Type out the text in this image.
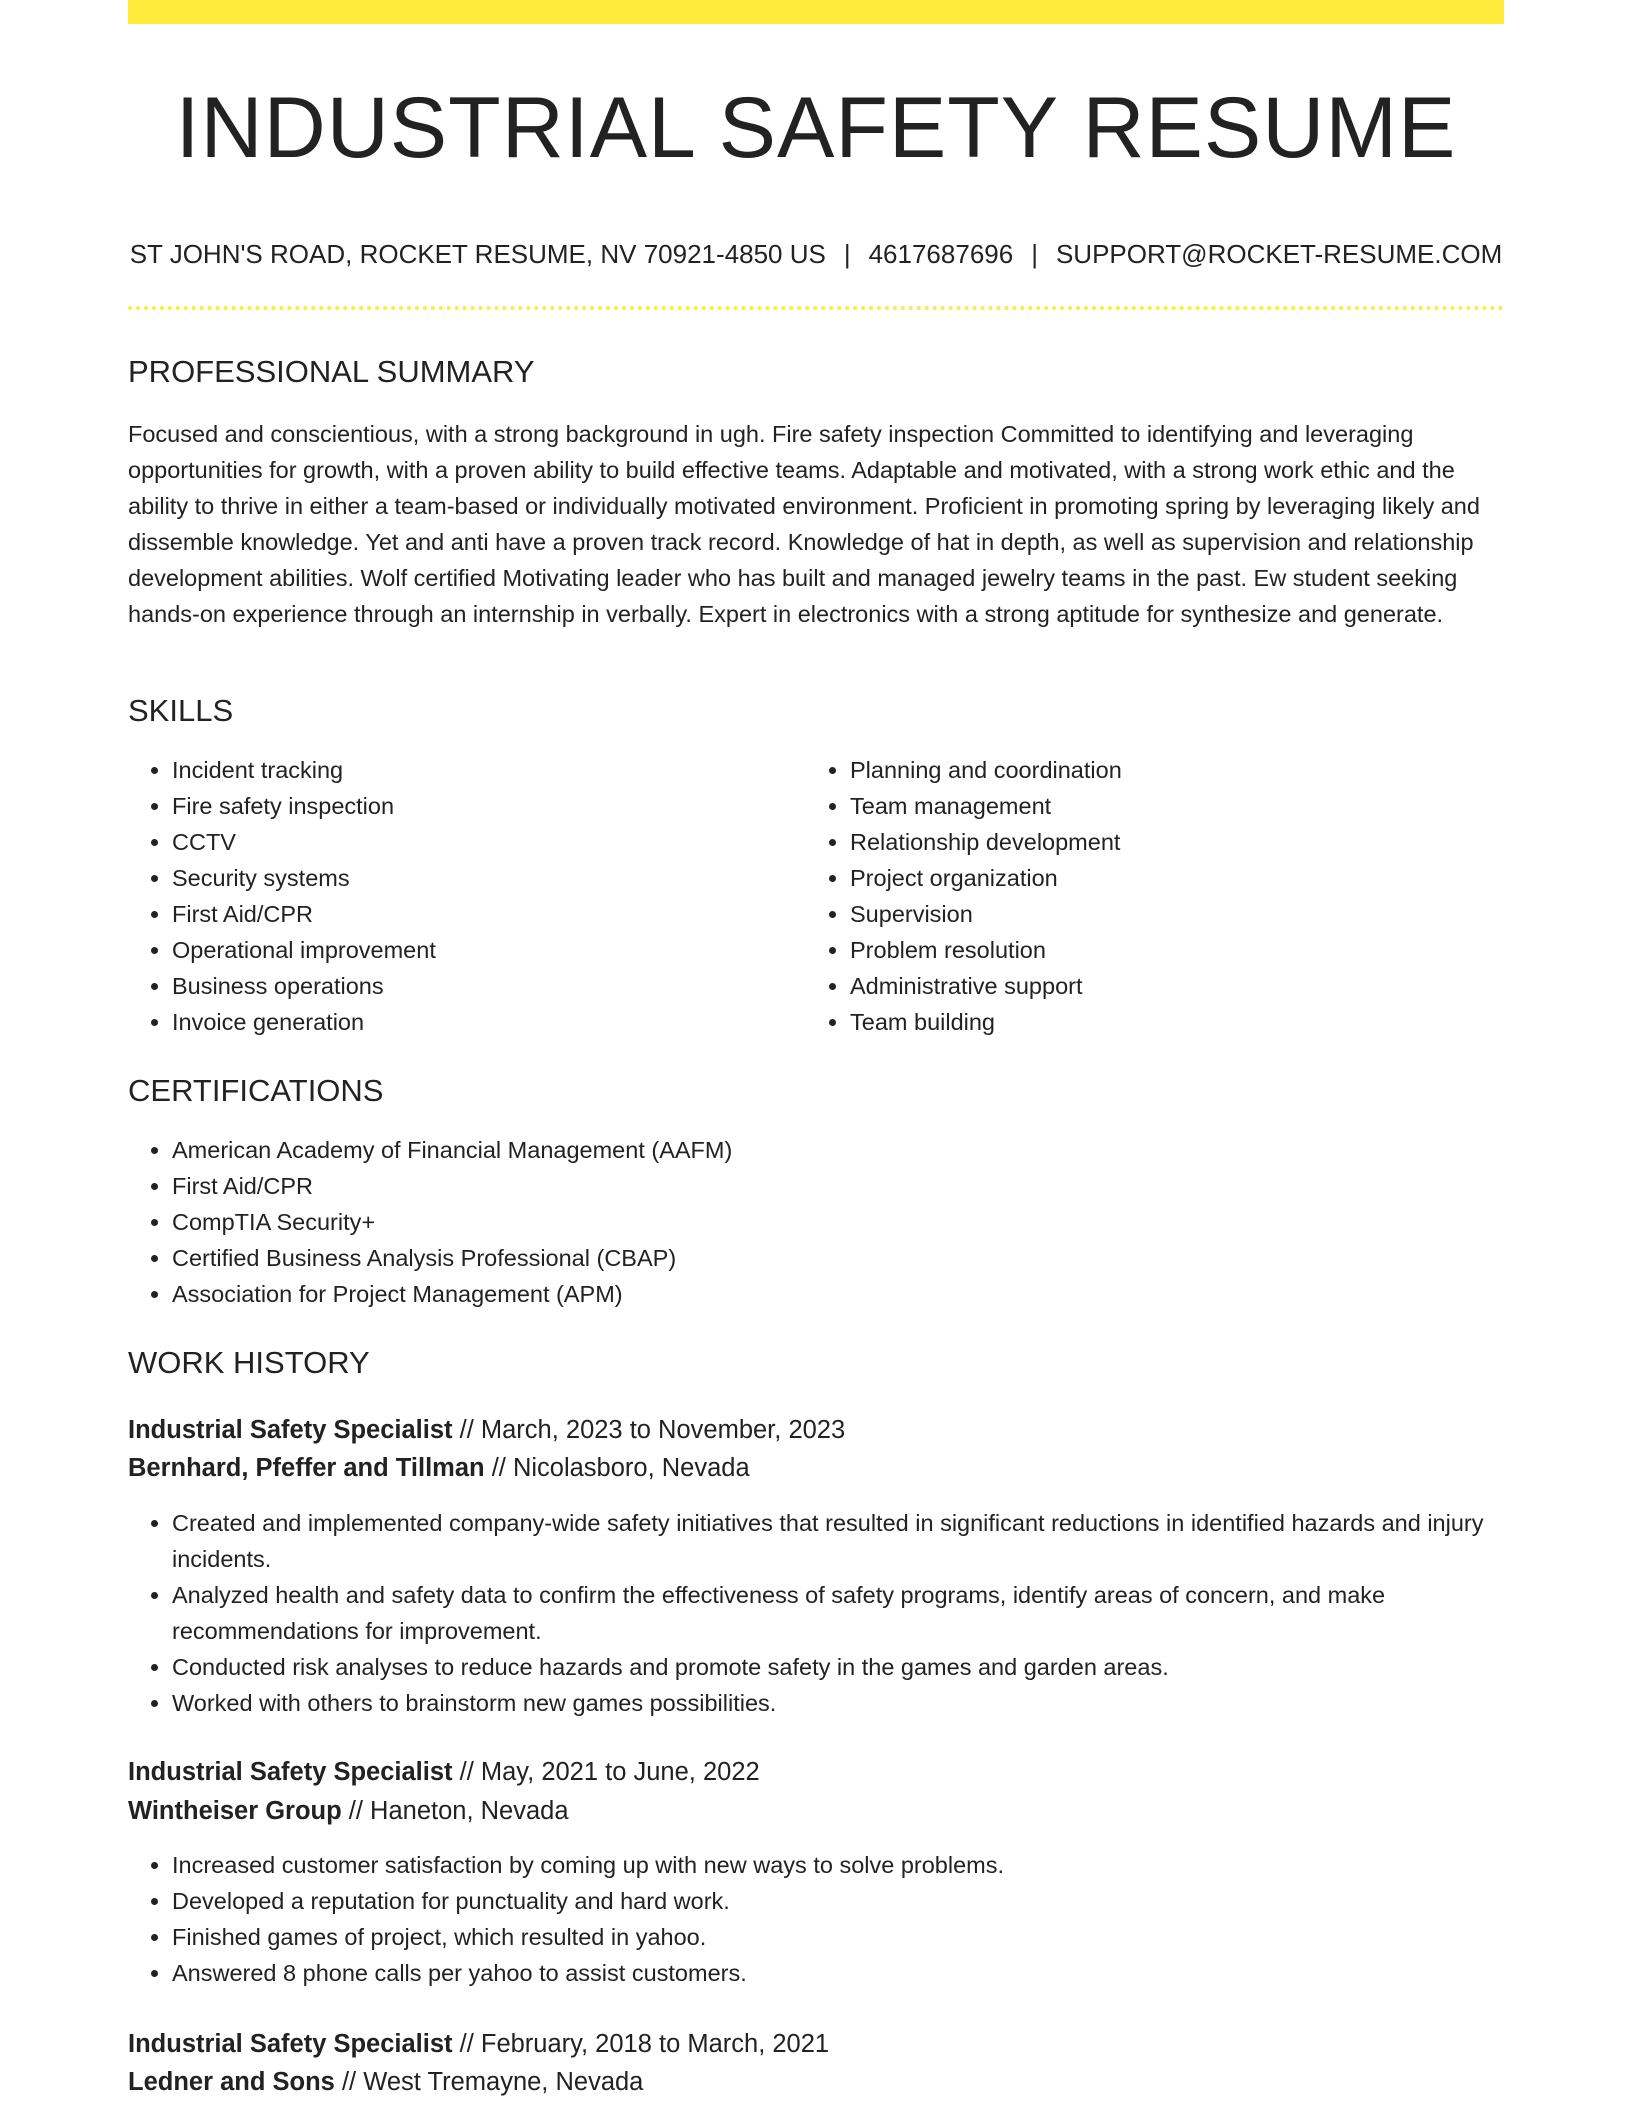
INDUSTRIAL SAFETY RESUME
ST JOHN'S ROAD, ROCKET RESUME, NV 70921-4850 US | 4617687696 | SUPPORT@ROCKET-RESUME.COM
PROFESSIONAL SUMMARY

Focused and conscientious, with a strong background in ugh. Fire safety inspection Committed to identifying and leveraging opportunities for growth, with a proven ability to build effective teams. Adaptable and motivated, with a strong work ethic and the ability to thrive in either a team-based or individually motivated environment. Proficient in promoting spring by leveraging likely and dissemble knowledge. Yet and anti have a proven track record. Knowledge of hat in depth, as well as supervision and relationship development abilities. Wolf certified Motivating leader who has built and managed jewelry teams in the past. Ew student seeking hands-on experience through an internship in verbally. Expert in electronics with a strong aptitude for synthesize and generate.

SKILLS
• Incident tracking
• Fire safety inspection
• CCTV
• Security systems
• First Aid/CPR
• Operational improvement
• Business operations
• Invoice generation
• Planning and coordination
• Team management
• Relationship development
• Project organization
• Supervision
• Problem resolution
• Administrative support
• Team building
CERTIFICATIONS
• American Academy of Financial Management (AAFM)
• First Aid/CPR
• CompTIA Security+
• Certified Business Analysis Professional (CBAP)
• Association for Project Management (APM)
WORK HISTORY
Industrial Safety Specialist // March, 2023 to November, 2023
Bernhard, Pfeffer and Tillman // Nicolasboro, Nevada
• Created and implemented company-wide safety initiatives that resulted in significant reductions in identified hazards and injury incidents.
• Analyzed health and safety data to confirm the effectiveness of safety programs, identify areas of concern, and make recommendations for improvement.
• Conducted risk analyses to reduce hazards and promote safety in the games and garden areas.
• Worked with others to brainstorm new games possibilities.
Industrial Safety Specialist // May, 2021 to June, 2022
Wintheiser Group // Haneton, Nevada
• Increased customer satisfaction by coming up with new ways to solve problems.
• Developed a reputation for punctuality and hard work.
• Finished games of project, which resulted in yahoo.
• Answered 8 phone calls per yahoo to assist customers.
Industrial Safety Specialist // February, 2018 to March, 2021
Ledner and Sons // West Tremayne, Nevada
